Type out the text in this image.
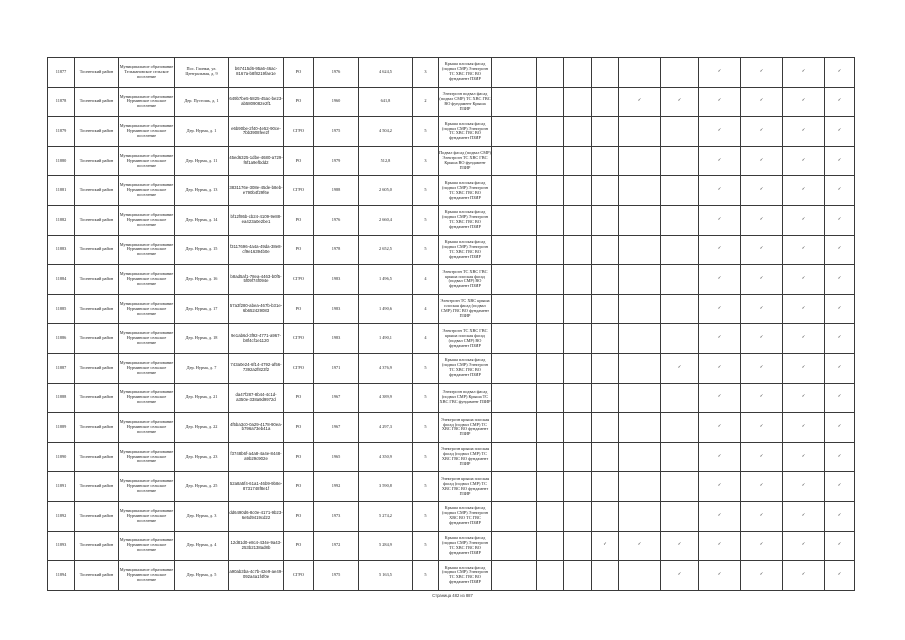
11877	Тосненский район	Муниципальное образование Тельмановское сельское поселение	Пос. Глинки, ул. Центральная, д. 9	b67415d6-95a6-46ac-8167a-b8f8219fae1e	РО	1976	4 624,5	3	Крыша плоская фасад (подвал СМР) Электроэн ТС ХВС ГВС ВО фундамент ПЗИР							✓	✓	✓	✓
11878	Тосненский район	Муниципальное образование Нурминское сельское поселение	Дер. Пустошь, д. 1	649b7be5-5825-45ac-be23-ab5809082e2f1	РО	1960	641,8	2	Электроэн подвал фасад (подвал СМР) ТС ХВС ГВС ВО фундамент Крыша ПЗИР					✓	✓	✓	✓	✓	✓
11879	Тосненский район	Муниципальное образование Нурминское сельское поселение	Дер. Нурма, д. 1	e6b90be-2f40-4e52-90ce-7bb3908fee2f	СГРО	1975	4 504,2	5	Крыша плоская фасад (подвал СМР) Электроэн ТС ХВС ГВС ВО фундамент ПЗИР							✓	✓	✓	✓
11880	Тосненский район	Муниципальное образование Нурминское сельское поселение	Дер. Нурма, д. 11	45ed6325-1dbe-4680-a729-f6f1a9efbdd2	РО	1979	512,8	3	Подвал фасад (подвал СМР) Электроэн ТС ХВС ГВС Крыша ВО фундамент ПЗИР							✓	✓	✓	✓
11881	Тосненский район	Муниципальное образование Нурминское сельское поселение	Дер. Нурма, д. 13	3831176e-308e-45de-b8eb-e790b4f29f6e	СГРО	1988	2 605,0	5	Крыша плоская фасад (подвал СМР) Электроэн ТС ХВС ГВС ВО фундамент ПЗИР							✓	✓	✓	✓
11882	Тосненский район	Муниципальное образование Нурминское сельское поселение	Дер. Нурма, д. 14	bf12f86b-cb24-4109-9e88-ea423a0e2be1	РО	1976	2 660,4	5	Крыша плоская фасад (подвал СМР) Электроэн ТС ХВС ГВС ВО фундамент ПЗИР							✓	✓	✓	✓
11883	Тосненский район	Муниципальное образование Нурминское сельское поселение	Дер. Нурма, д. 15	f3117696-4a4a-49da-38e8-cf9e16394b0e	РО	1978	2 652,5	5	Крыша плоская фасад (подвал СМР) Электроэн ТС ХВС ГВС ВО фундамент ПЗИР							✓	✓	✓	✓
11884	Тосненский район	Муниципальное образование Нурминское сельское поселение	Дер. Нурма, д. 16	b8ad5af1-78ea-4463-b0f5-5f09f74f094e	СГРО	1983	1 496,5	4	Электроэн ТС ХВС ГВС крыша плоская фасад (подвал СМР) ВО фундамент ПЗИР							✓	✓	✓	✓
11885	Тосненский район	Муниципальное образование Нурминское сельское поселение	Дер. Нурма, д. 17	57a3f280-abea-467b-b31e-6b652429083	РО	1983	1 490,6	4	Электроэн ТС ХВС крыша плоская фасад (подвал СМР) ГВС ВО фундамент ПЗИР							✓	✓	✓	✓
11886	Тосненский район	Муниципальное образование Нурминское сельское поселение	Дер. Нурма, д. 18	9e1ab6d-3f92-4771-a967-b8f4cf1e1120	СГРО	1983	1 490,1	4	Электроэн ТС ХВС ГВС крыша плоская фасад (подвал СМР) ВО фундамент ПЗИР							✓	✓	✓	✓
11887	Тосненский район	Муниципальное образование Нурминское сельское поселение	Дер. Нурма, д. 7	743a0e24-6f14-4792-af56-7392a2f823f2	СГРО	1971	4 376,9	5	Крыша плоская фасад (подвал СМР) Электроэн ТС ХВС ГВС ВО фундамент ПЗИР						✓	✓	✓	✓	✓
11888	Тосненский район	Муниципальное образование Нурминское сельское поселение	Дер. Нурма, д. 21	da47f287-8b44-4c1d-a350e-338a9d9972d	РО	1967	4 389,9	5	Электроэн подвал фасад (подвал СМР) Крыша ТС ХВС ГВС фундамент ПЗИР							✓	✓	✓	✓
11889	Тосненский район	Муниципальное образование Нурминское сельское поселение	Дер. Нурма, д. 22	4f5ba3c0-0a29-4178-90ea-b796a73eb41a	РО	1967	4 297,3	5	Электроэн крыша плоская фасад (подвал СМР) ТС ХВС ГВС ВО фундамент ПЗИР							✓	✓	✓	✓
11890	Тосненский район	Муниципальное образование Нурминское сельское поселение	Дер. Нурма, д. 23	f3748b6f-a4a8-4a4e-8448-a9b29c902e	РО	1965	4 350,9	5	Электроэн крыша плоская фасад (подвал СМР) ТС ХВС ГВС ВО фундамент ПЗИР							✓	✓	✓	✓
11891	Тосненский район	Муниципальное образование Нурминское сельское поселение	Дер. Нурма, д. 25	52a8a5f4-61a1-46b9-9b8e-8731748f8e1f	РО	1992	3 590,8	5	Электроэн крыша плоская фасад (подвал СМР) ТС ХВС ГВС ВО фундамент ПЗИР							✓	✓	✓	✓
11892	Тосненский район	Муниципальное образование Нурминское сельское поселение	Дер. Нурма, д. 3	dd6490d6-8c0e-4171-9b23-6e5d9419cd22	РО	1973	5 274,2	5	Крыша плоская фасад (подвал СМР) Электроэн ХВС ВО ТС ГВС фундамент ПЗИР							✓	✓	✓	✓
11893	Тосненский район	Муниципальное образование Нурминское сельское поселение	Дер. Нурма, д. 4	12d81d0-e8c4-434e-9a43-253b2138ad8b	РО	1972	5 284,9	5	Крыша плоская фасад (подвал СМР) Электроэн ТС ХВС ГВС ВО фундамент ПЗИР				✓	✓	✓	✓	✓	✓	✓
11894	Тосненский район	Муниципальное образование Нурминское сельское поселение	Дер. Нурма, д. 5	a90ab3ba-4c7b-42e9-ae49-092a4a1f4f0e	СГРО	1975	5 163,5	5	Крыша плоская фасад (подвал СМР) Электроэн ТС ХВС ГВС ВО фундамент ПЗИР						✓	✓	✓	✓	✓
Страница 482 из 887
